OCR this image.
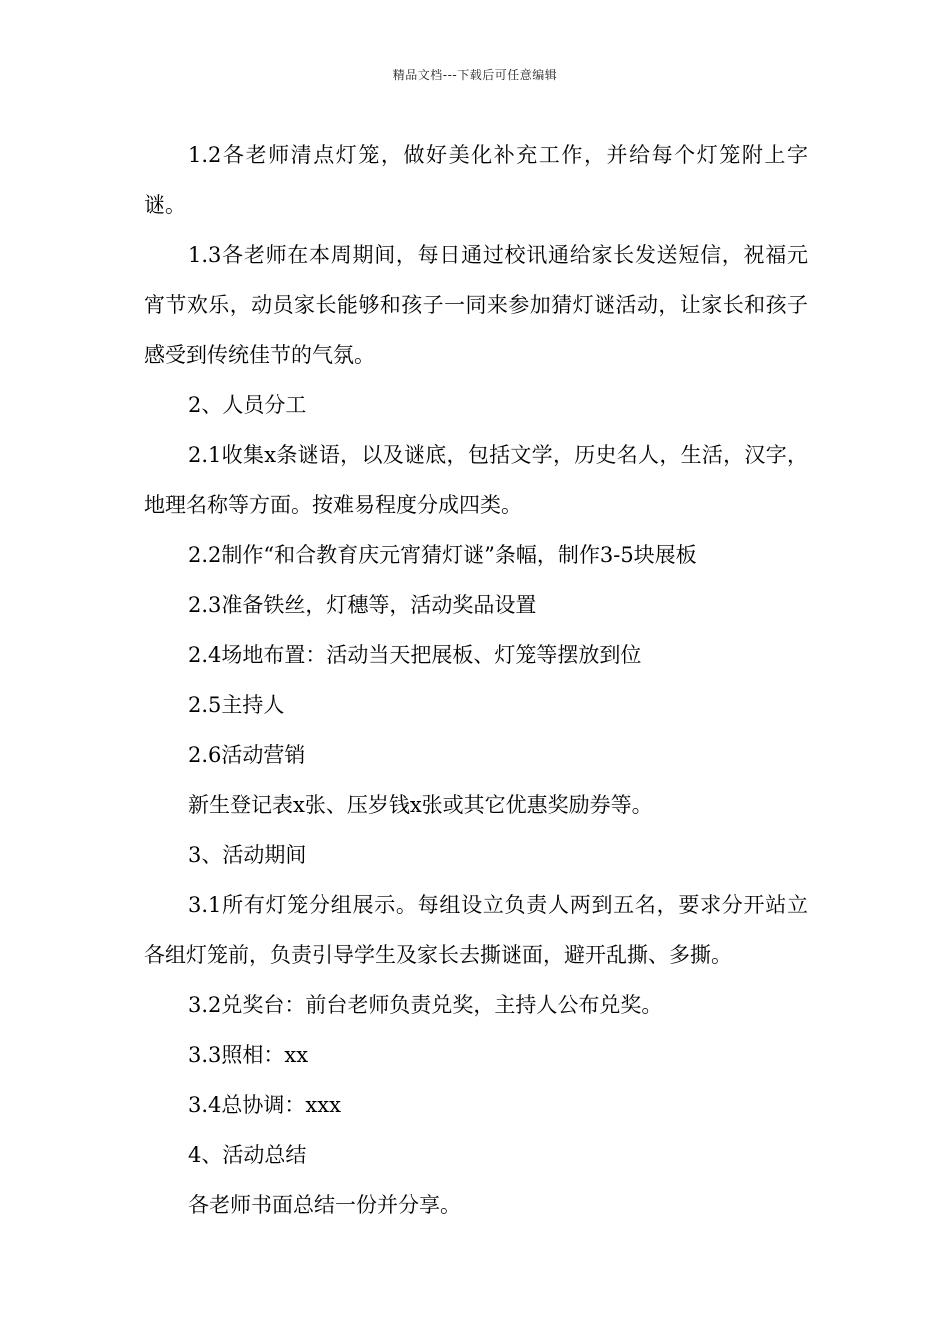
精品文档---下载后可任意编辑

1.2各老师清点灯笼，做好美化补充工作，并给每个灯笼附上字谜。

1.3各老师在本周期间，每日通过校讯通给家长发送短信，祝福元宵节欢乐，动员家长能够和孩子一同来参加猜灯谜活动，让家长和孩子感受到传统佳节的气氛。

2、人员分工

2.1收集x条谜语，以及谜底，包括文学，历史名人，生活，汉字，地理名称等方面。按难易程度分成四类。

2.2制作“和合教育庆元宵猜灯谜”条幅，制作3-5块展板

2.3准备铁丝，灯穗等，活动奖品设置

2.4场地布置：活动当天把展板、灯笼等摆放到位

2.5主持人

2.6活动营销

新生登记表x张、压岁钱x张或其它优惠奖励券等。

3、活动期间

3.1所有灯笼分组展示。每组设立负责人两到五名，要求分开站立各组灯笼前，负责引导学生及家长去撕谜面，避开乱撕、多撕。

3.2兑奖台：前台老师负责兑奖，主持人公布兑奖。

3.3照相：xx

3.4总协调：xxx

4、活动总结

各老师书面总结一份并分享。
